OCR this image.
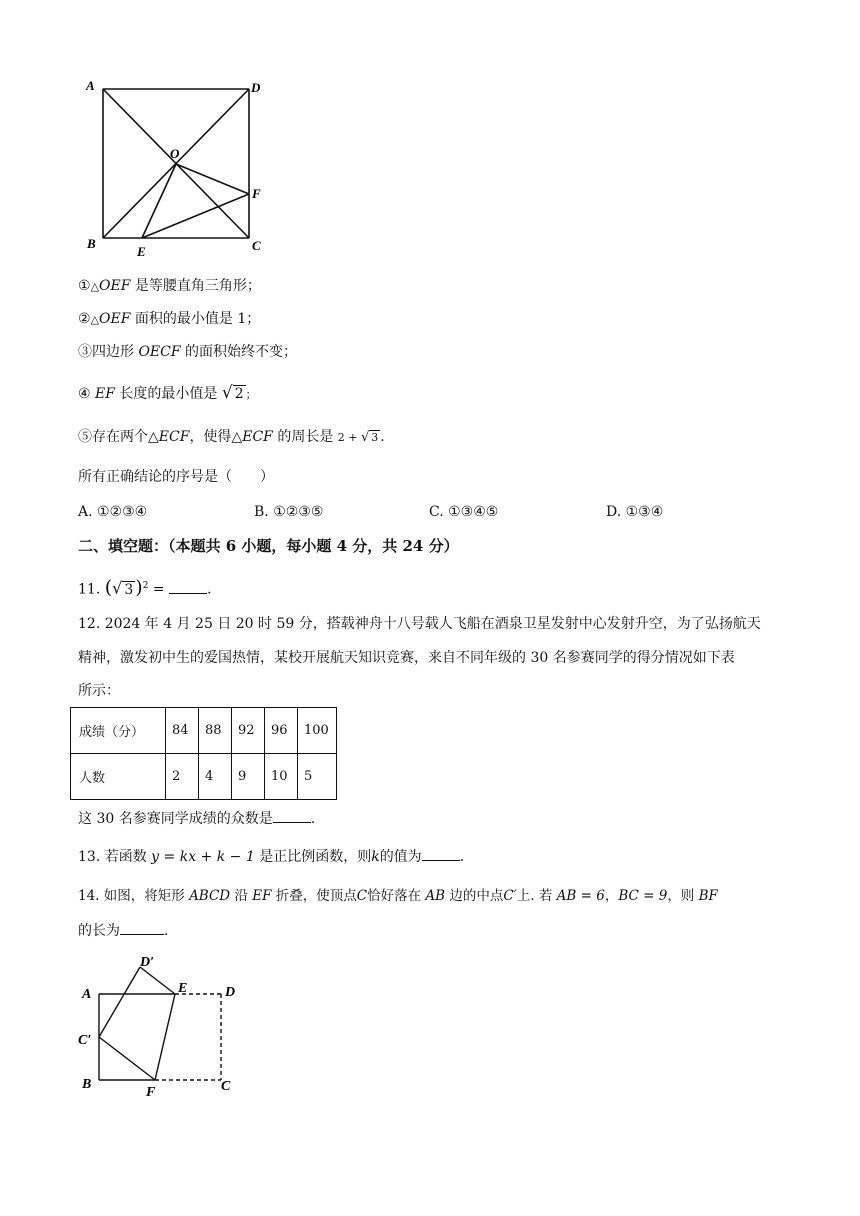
A	D
O
F
B
E	C
①△OEF 是等腰直角三角形；
②△OEF 面积的最小值是 1；
③四边形 OECF 的面积始终不变；
④ EF 长度的最小值是 √ 2 ；
⑤存在两个△ECF，使得△ECF 的周长是 2 + √ 3 .
所有正确结论的序号是（　　）
A. ①②③④	B. ①②③⑤	C. ①③④⑤	D. ①③④
二、填空题：（本题共 6 小题，每小题 4 分，共 24 分）
11. (√ 3 )$^2$ =	.
12. 2024 年 4 月 25 日 20 时 59 分，搭载神舟十八号载人飞船在酒泉卫星发射中心发射升空，为了弘扬航天
精神，激发初中生的爱国热情，某校开展航天知识竞赛，来自不同年级的 30 名参赛同学的得分情况如下表
所示：
成绩（分）	84	88	92	96	100
人数	2	4	9	10	5
这 30 名参赛同学成绩的众数是	.
13. 若函数 y = kx + k − 1 是正比例函数，则k的值为	.
14. 如图，将矩形 ABCD 沿 EF 折叠，使顶点C恰好落在 AB 边的中点C′上. 若 AB = 6，BC = 9，则 BF
的长为	.
D′
A	E	D
C′
B
F	C
